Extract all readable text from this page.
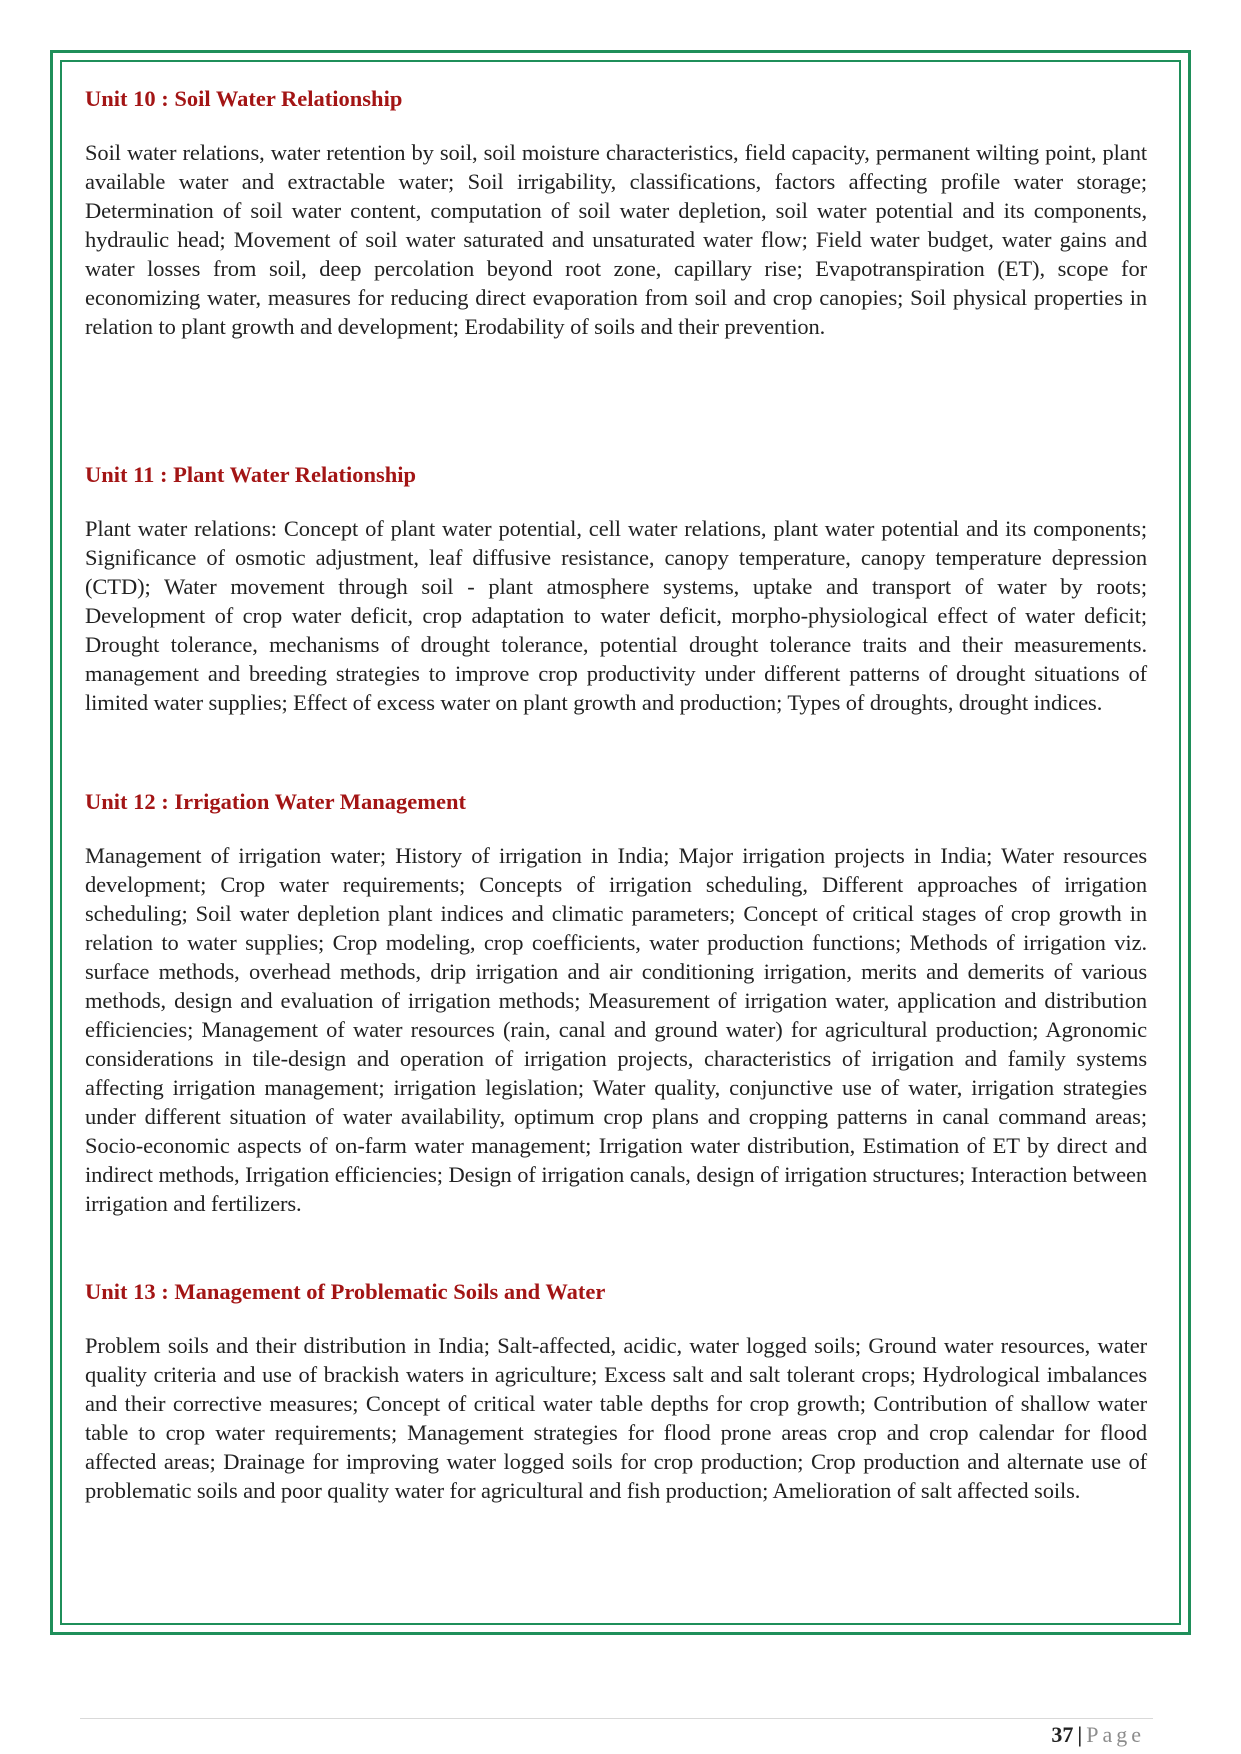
Unit 10 : Soil Water Relationship

Soil water relations, water retention by soil, soil moisture characteristics, field capacity, permanent wilting point, plant available water and extractable water; Soil irrigability, classifications, factors affecting profile water storage; Determination of soil water content, computation of soil water depletion, soil water potential and its components, hydraulic head; Movement of soil water saturated and unsaturated water flow; Field water budget, water gains and water losses from soil, deep percolation beyond root zone, capillary rise; Evapotranspiration (ET), scope for economizing water, measures for reducing direct evaporation from soil and crop canopies; Soil physical properties in relation to plant growth and development; Erodability of soils and their prevention.

Unit 11 : Plant Water Relationship

Plant water relations: Concept of plant water potential, cell water relations, plant water potential and its components; Significance of osmotic adjustment, leaf diffusive resistance, canopy temperature, canopy temperature depression (CTD); Water movement through soil - plant atmosphere systems, uptake and transport of water by roots; Development of crop water deficit, crop adaptation to water deficit, morpho-physiological effect of water deficit; Drought tolerance, mechanisms of drought tolerance, potential drought tolerance traits and their measurements. management and breeding strategies to improve crop productivity under different patterns of drought situations of limited water supplies; Effect of excess water on plant growth and production; Types of droughts, drought indices.

Unit 12 : Irrigation Water Management

Management of irrigation water; History of irrigation in India; Major irrigation projects in India; Water resources development; Crop water requirements; Concepts of irrigation scheduling, Different approaches of irrigation scheduling; Soil water depletion plant indices and climatic parameters; Concept of critical stages of crop growth in relation to water supplies; Crop modeling, crop coefficients, water production functions; Methods of irrigation viz. surface methods, overhead methods, drip irrigation and air conditioning irrigation, merits and demerits of various methods, design and evaluation of irrigation methods; Measurement of irrigation water, application and distribution efficiencies; Management of water resources (rain, canal and ground water) for agricultural production; Agronomic considerations in tile-design and operation of irrigation projects, characteristics of irrigation and family systems affecting irrigation management; irrigation legislation; Water quality, conjunctive use of water, irrigation strategies under different situation of water availability, optimum crop plans and cropping patterns in canal command areas; Socio-economic aspects of on-farm water management; Irrigation water distribution, Estimation of ET by direct and indirect methods, Irrigation efficiencies; Design of irrigation canals, design of irrigation structures; Interaction between irrigation and fertilizers.

Unit 13 : Management of Problematic Soils and Water

Problem soils and their distribution in India; Salt-affected, acidic, water logged soils; Ground water resources, water quality criteria and use of brackish waters in agriculture; Excess salt and salt tolerant crops; Hydrological imbalances and their corrective measures; Concept of critical water table depths for crop growth; Contribution of shallow water table to crop water requirements; Management strategies for flood prone areas crop and crop calendar for flood affected areas; Drainage for improving water logged soils for crop production; Crop production and alternate use of problematic soils and poor quality water for agricultural and fish production; Amelioration of salt affected soils.

37 | Page
